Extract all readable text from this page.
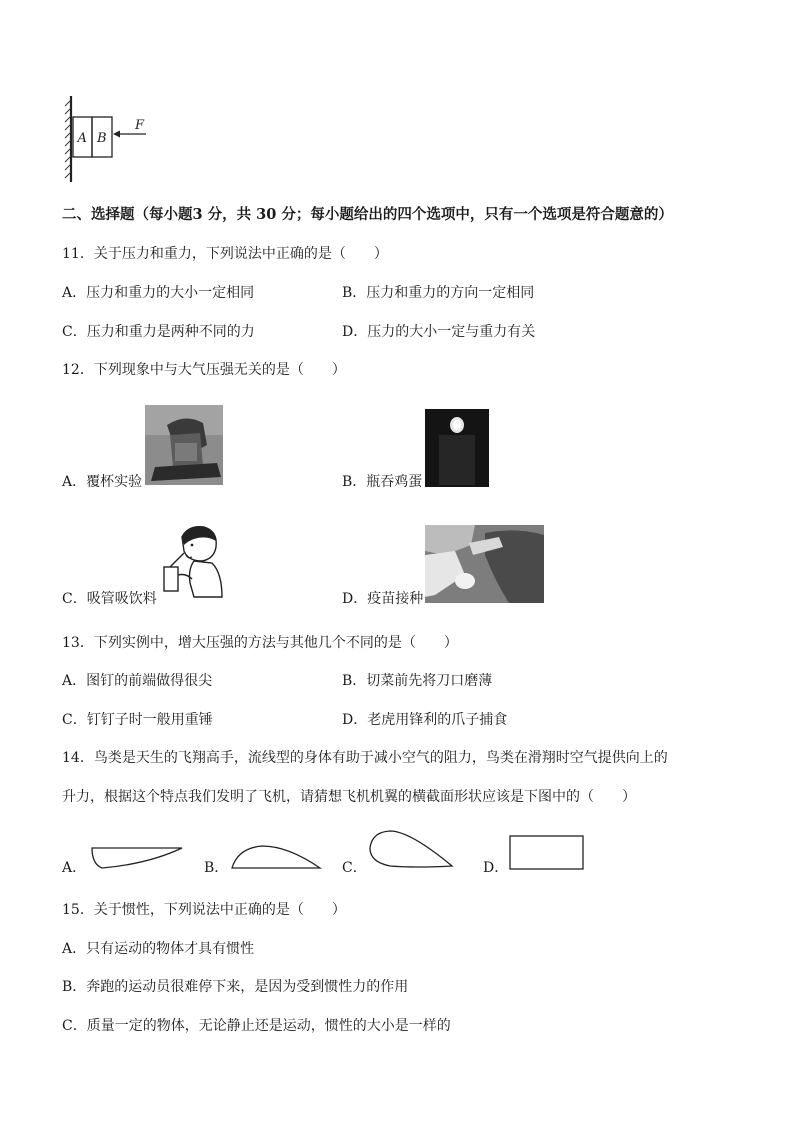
A B
F
二、选择题（每小题3 分，共 30 分；每小题给出的四个选项中，只有一个选项是符合题意的）
11．关于压力和重力，下列说法中正确的是（　　）
A．压力和重力的大小一定相同	B．压力和重力的方向一定相同
C．压力和重力是两种不同的力	D．压力的大小一定与重力有关
12．下列现象中与大气压强无关的是（　　）
A．覆杯实验	B．瓶吞鸡蛋
C．吸管吸饮料	D．疫苗接种
13．下列实例中，增大压强的方法与其他几个不同的是（　　）
A．图钉的前端做得很尖	B．切菜前先将刀口磨薄
C．钉钉子时一般用重锤	D．老虎用锋利的爪子捕食
14．鸟类是天生的飞翔高手，流线型的身体有助于减小空气的阻力，鸟类在滑翔时空气提供向上的
升力，根据这个特点我们发明了飞机，请猜想飞机机翼的横截面形状应该是下图中的（　　）
A．	B．	C．	D．
15．关于惯性，下列说法中正确的是（　　）
A．只有运动的物体才具有惯性
B．奔跑的运动员很难停下来，是因为受到惯性力的作用
C．质量一定的物体，无论静止还是运动，惯性的大小是一样的
